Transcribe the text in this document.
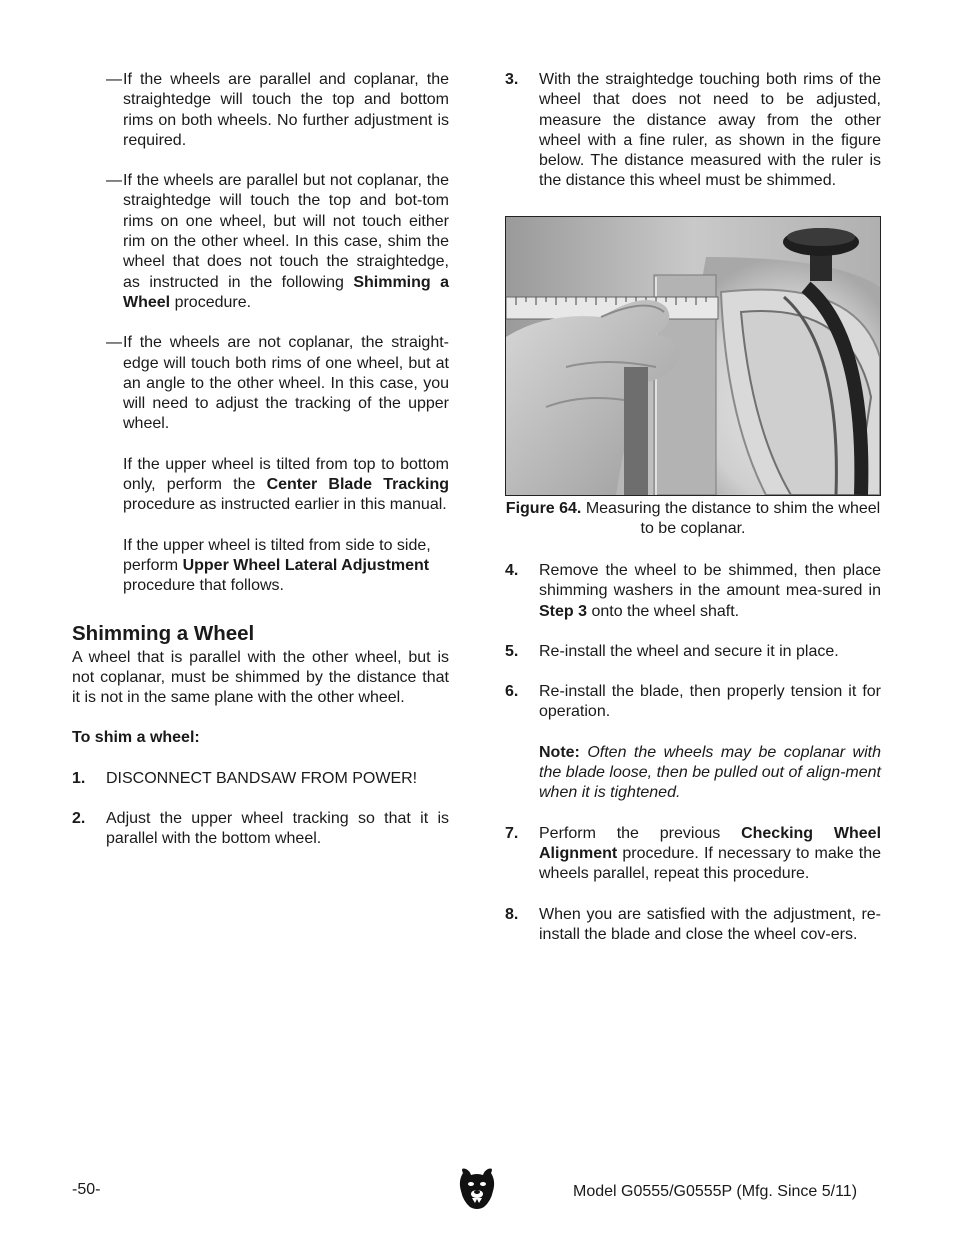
— If the wheels are parallel and coplanar, the straightedge will touch the top and bottom rims on both wheels. No further adjustment is required.

— If the wheels are parallel but not coplanar, the straightedge will touch the top and bot-tom rims on one wheel, but will not touch either rim on the other wheel. In this case, shim the wheel that does not touch the straightedge, as instructed in the following Shimming a Wheel procedure.

— If the wheels are not coplanar, the straight-edge will touch both rims of one wheel, but at an angle to the other wheel. In this case, you will need to adjust the tracking of the upper wheel.

If the upper wheel is tilted from top to bottom only, perform the Center Blade Tracking procedure as instructed earlier in this manual.

If the upper wheel is tilted from side to side, perform Upper Wheel Lateral Adjustment procedure that follows.

Shimming a Wheel

A wheel that is parallel with the other wheel, but is not coplanar, must be shimmed by the distance that it is not in the same plane with the other wheel.

To shim a wheel:

1. DISCONNECT BANDSAW FROM POWER!

2. Adjust the upper wheel tracking so that it is parallel with the bottom wheel.

3. With the straightedge touching both rims of the wheel that does not need to be adjusted, measure the distance away from the other wheel with a fine ruler, as shown in the figure below. The distance measured with the ruler is the distance this wheel must be shimmed.

Figure 64. Measuring the distance to shim the wheel to be coplanar.

4. Remove the wheel to be shimmed, then place shimming washers in the amount mea-sured in Step 3 onto the wheel shaft.

5. Re-install the wheel and secure it in place.

6. Re-install the blade, then properly tension it for operation.

Note: Often the wheels may be coplanar with the blade loose, then be pulled out of align-ment when it is tightened.

7. Perform the previous Checking Wheel Alignment procedure. If necessary to make the wheels parallel, repeat this procedure.

8. When you are satisfied with the adjustment, re-install the blade and close the wheel cov-ers.

-50-	Model G0555/G0555P (Mfg. Since 5/11)
